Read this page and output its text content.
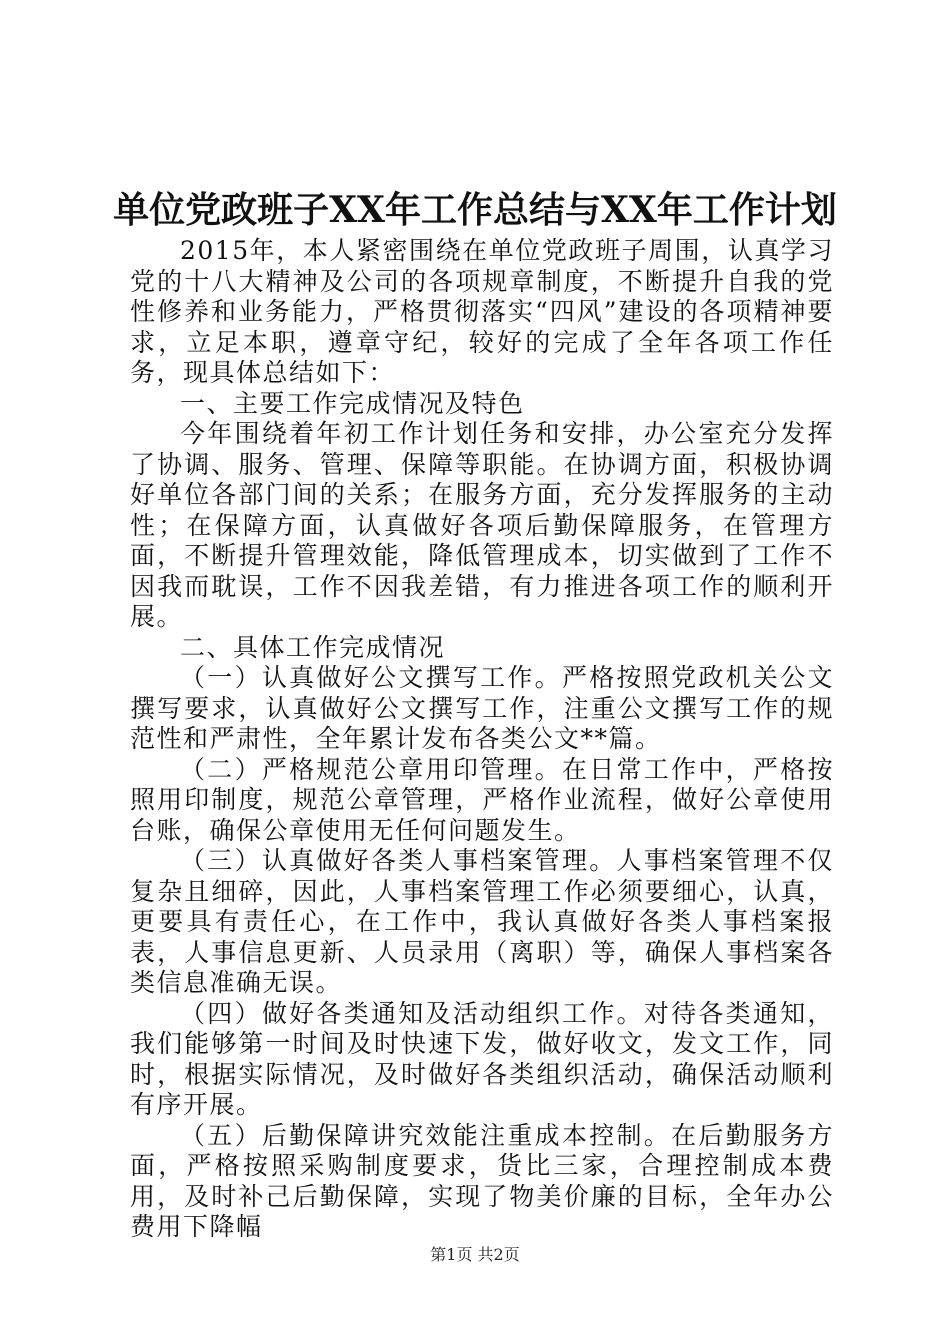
单位党政班子XX年工作总结与XX年工作计划

2015年，本人紧密围绕在单位党政班子周围，认真学习党的十八大精神及公司的各项规章制度，不断提升自我的党性修养和业务能力，严格贯彻落实“四风”建设的各项精神要求，立足本职，遵章守纪，较好的完成了全年各项工作任务，现具体总结如下：

一、主要工作完成情况及特色

今年围绕着年初工作计划任务和安排，办公室充分发挥了协调、服务、管理、保障等职能。在协调方面，积极协调好单位各部门间的关系；在服务方面，充分发挥服务的主动性；在保障方面，认真做好各项后勤保障服务，在管理方面，不断提升管理效能，降低管理成本，切实做到了工作不因我而耽误，工作不因我差错，有力推进各项工作的顺利开展。

二、具体工作完成情况

（一）认真做好公文撰写工作。严格按照党政机关公文撰写要求，认真做好公文撰写工作，注重公文撰写工作的规范性和严肃性，全年累计发布各类公文**篇。

（二）严格规范公章用印管理。在日常工作中，严格按照用印制度，规范公章管理，严格作业流程，做好公章使用台账，确保公章使用无任何问题发生。

（三）认真做好各类人事档案管理。人事档案管理不仅复杂且细碎，因此，人事档案管理工作必须要细心，认真，更要具有责任心，在工作中，我认真做好各类人事档案报表，人事信息更新、人员录用（离职）等，确保人事档案各类信息准确无误。

（四）做好各类通知及活动组织工作。对待各类通知，我们能够第一时间及时快速下发，做好收文，发文工作，同时，根据实际情况，及时做好各类组织活动，确保活动顺利有序开展。

（五）后勤保障讲究效能注重成本控制。在后勤服务方面，严格按照采购制度要求，货比三家，合理控制成本费用，及时补己后勤保障，实现了物美价廉的目标，全年办公费用下降幅

第1页 共2页
